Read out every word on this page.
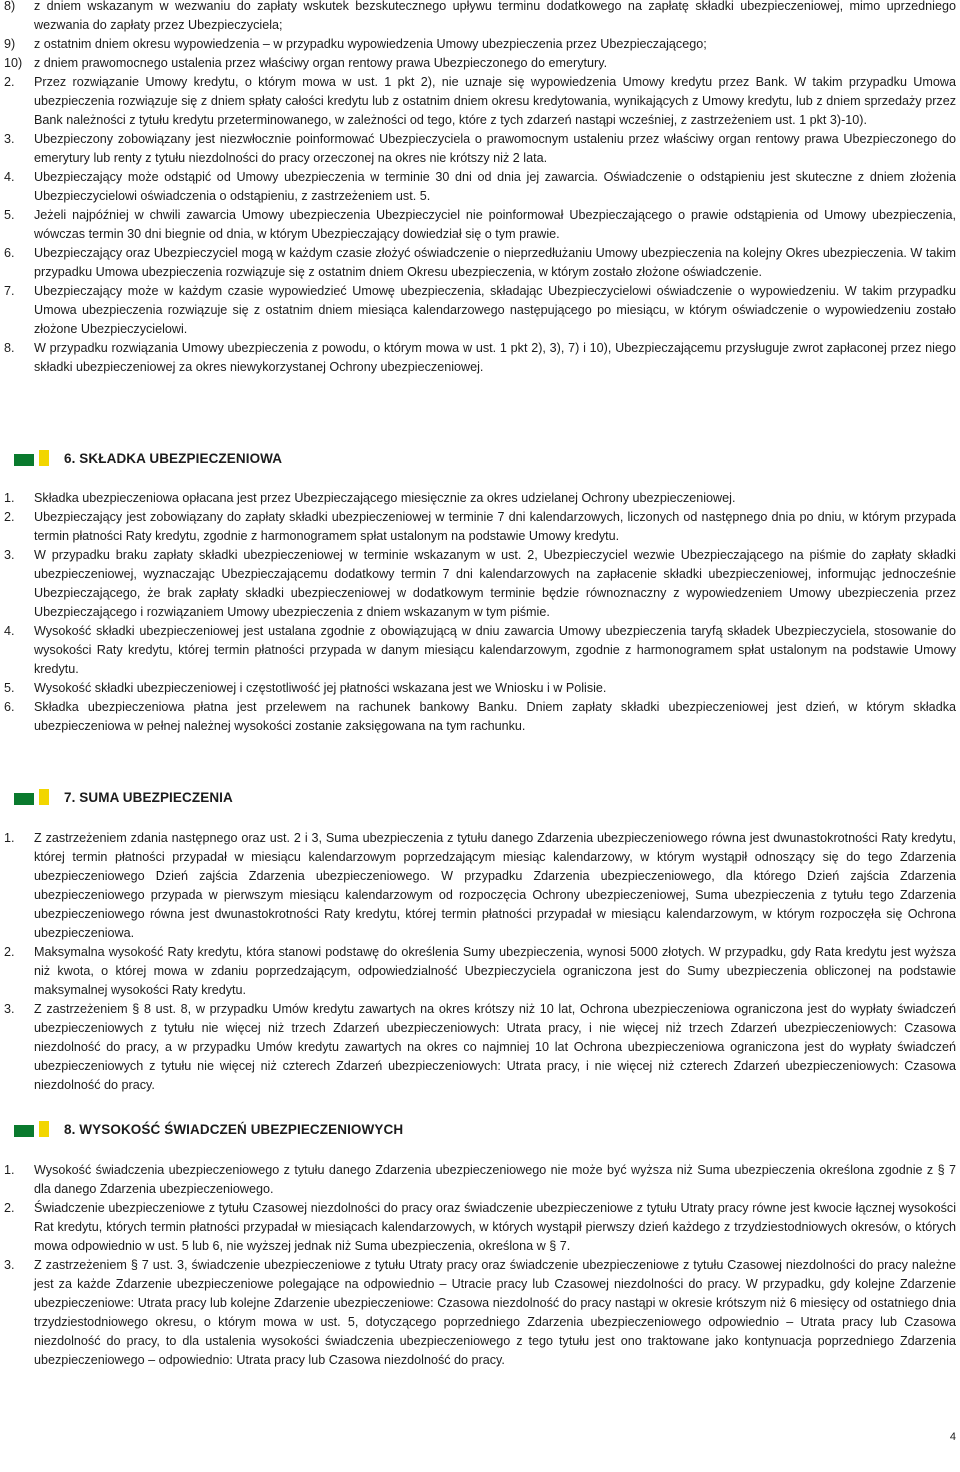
8) z dniem wskazanym w wezwaniu do zapłaty wskutek bezskutecznego upływu terminu dodatkowego na zapłatę składki ubezpieczeniowej, mimo uprzedniego wezwania do zapłaty przez Ubezpieczyciela;
9) z ostatnim dniem okresu wypowiedzenia – w przypadku wypowiedzenia Umowy ubezpieczenia przez Ubezpieczającego;
10) z dniem prawomocnego ustalenia przez właściwy organ rentowy prawa Ubezpieczonego do emerytury.
2. Przez rozwiązanie Umowy kredytu, o którym mowa w ust. 1 pkt 2), nie uznaje się wypowiedzenia Umowy kredytu przez Bank. W takim przypadku Umowa ubezpieczenia rozwiązuje się z dniem spłaty całości kredytu lub z ostatnim dniem okresu kredytowania, wynikających z Umowy kredytu, lub z dniem sprzedaży przez Bank należności z tytułu kredytu przeterminowanego, w zależności od tego, które z tych zdarzeń nastąpi wcześniej, z zastrzeżeniem ust. 1 pkt 3)-10).
3. Ubezpieczony zobowiązany jest niezwłocznie poinformować Ubezpieczyciela o prawomocnym ustaleniu przez właściwy organ rentowy prawa Ubezpieczonego do emerytury lub renty z tytułu niezdolności do pracy orzeczonej na okres nie krótszy niż 2 lata.
4. Ubezpieczający może odstąpić od Umowy ubezpieczenia w terminie 30 dni od dnia jej zawarcia. Oświadczenie o odstąpieniu jest skuteczne z dniem złożenia Ubezpieczycielowi oświadczenia o odstąpieniu, z zastrzeżeniem ust. 5.
5. Jeżeli najpóźniej w chwili zawarcia Umowy ubezpieczenia Ubezpieczyciel nie poinformował Ubezpieczającego o prawie odstąpienia od Umowy ubezpieczenia, wówczas termin 30 dni biegnie od dnia, w którym Ubezpieczający dowiedział się o tym prawie.
6. Ubezpieczający oraz Ubezpieczyciel mogą w każdym czasie złożyć oświadczenie o nieprzedłużaniu Umowy ubezpieczenia na kolejny Okres ubezpieczenia. W takim przypadku Umowa ubezpieczenia rozwiązuje się z ostatnim dniem Okresu ubezpieczenia, w którym zostało złożone oświadczenie.
7. Ubezpieczający może w każdym czasie wypowiedzieć Umowę ubezpieczenia, składając Ubezpieczycielowi oświadczenie o wypowiedzeniu. W takim przypadku Umowa ubezpieczenia rozwiązuje się z ostatnim dniem miesiąca kalendarzowego następującego po miesiącu, w którym oświadczenie o wypowiedzeniu zostało złożone Ubezpieczycielowi.
8. W przypadku rozwiązania Umowy ubezpieczenia z powodu, o którym mowa w ust. 1 pkt 2), 3), 7) i 10), Ubezpieczającemu przysługuje zwrot zapłaconej przez niego składki ubezpieczeniowej za okres niewykorzystanej Ochrony ubezpieczeniowej.
6. SKŁADKA UBEZPIECZENIOWA
1. Składka ubezpieczeniowa opłacana jest przez Ubezpieczającego miesięcznie za okres udzielanej Ochrony ubezpieczeniowej.
2. Ubezpieczający jest zobowiązany do zapłaty składki ubezpieczeniowej w terminie 7 dni kalendarzowych, liczonych od następnego dnia po dniu, w którym przypada termin płatności Raty kredytu, zgodnie z harmonogramem spłat ustalonym na podstawie Umowy kredytu.
3. W przypadku braku zapłaty składki ubezpieczeniowej w terminie wskazanym w ust. 2, Ubezpieczyciel wezwie Ubezpieczającego na piśmie do zapłaty składki ubezpieczeniowej, wyznaczając Ubezpieczającemu dodatkowy termin 7 dni kalendarzowych na zapłacenie składki ubezpieczeniowej, informując jednocześnie Ubezpieczającego, że brak zapłaty składki ubezpieczeniowej w dodatkowym terminie będzie równoznaczny z wypowiedzeniem Umowy ubezpieczenia przez Ubezpieczającego i rozwiązaniem Umowy ubezpieczenia z dniem wskazanym w tym piśmie.
4. Wysokość składki ubezpieczeniowej jest ustalana zgodnie z obowiązującą w dniu zawarcia Umowy ubezpieczenia taryfą składek Ubezpieczyciela, stosowanie do wysokości Raty kredytu, której termin płatności przypada w danym miesiącu kalendarzowym, zgodnie z harmonogramem spłat ustalonym na podstawie Umowy kredytu.
5. Wysokość składki ubezpieczeniowej i częstotliwość jej płatności wskazana jest we Wniosku i w Polisie.
6. Składka ubezpieczeniowa płatna jest przelewem na rachunek bankowy Banku. Dniem zapłaty składki ubezpieczeniowej jest dzień, w którym składka ubezpieczeniowa w pełnej należnej wysokości zostanie zaksięgowana na tym rachunku.
7. SUMA UBEZPIECZENIA
1. Z zastrzeżeniem zdania następnego oraz ust. 2 i 3, Suma ubezpieczenia z tytułu danego Zdarzenia ubezpieczeniowego równa jest dwunastokrotności Raty kredytu, której termin płatności przypadał w miesiącu kalendarzowym poprzedzającym miesiąc kalendarzowy, w którym wystąpił odnoszący się do tego Zdarzenia ubezpieczeniowego Dzień zajścia Zdarzenia ubezpieczeniowego. W przypadku Zdarzenia ubezpieczeniowego, dla którego Dzień zajścia Zdarzenia ubezpieczeniowego przypada w pierwszym miesiącu kalendarzowym od rozpoczęcia Ochrony ubezpieczeniowej, Suma ubezpieczenia z tytułu tego Zdarzenia ubezpieczeniowego równa jest dwunastokrotności Raty kredytu, której termin płatności przypadał w miesiącu kalendarzowym, w którym rozpoczęła się Ochrona ubezpieczeniowa.
2. Maksymalna wysokość Raty kredytu, która stanowi podstawę do określenia Sumy ubezpieczenia, wynosi 5000 złotych. W przypadku, gdy Rata kredytu jest wyższa niż kwota, o której mowa w zdaniu poprzedzającym, odpowiedzialność Ubezpieczyciela ograniczona jest do Sumy ubezpieczenia obliczonej na podstawie maksymalnej wysokości Raty kredytu.
3. Z zastrzeżeniem § 8 ust. 8, w przypadku Umów kredytu zawartych na okres krótszy niż 10 lat, Ochrona ubezpieczeniowa ograniczona jest do wypłaty świadczeń ubezpieczeniowych z tytułu nie więcej niż trzech Zdarzeń ubezpieczeniowych: Utrata pracy, i nie więcej niż trzech Zdarzeń ubezpieczeniowych: Czasowa niezdolność do pracy, a w przypadku Umów kredytu zawartych na okres co najmniej 10 lat Ochrona ubezpieczeniowa ograniczona jest do wypłaty świadczeń ubezpieczeniowych z tytułu nie więcej niż czterech Zdarzeń ubezpieczeniowych: Utrata pracy, i nie więcej niż czterech Zdarzeń ubezpieczeniowych: Czasowa niezdolność do pracy.
8. WYSOKOŚĆ ŚWIADCZEŃ UBEZPIECZENIOWYCH
1. Wysokość świadczenia ubezpieczeniowego z tytułu danego Zdarzenia ubezpieczeniowego nie może być wyższa niż Suma ubezpieczenia określona zgodnie z § 7 dla danego Zdarzenia ubezpieczeniowego.
2. Świadczenie ubezpieczeniowe z tytułu Czasowej niezdolności do pracy oraz świadczenie ubezpieczeniowe z tytułu Utraty pracy równe jest kwocie łącznej wysokości Rat kredytu, których termin płatności przypadał w miesiącach kalendarzowych, w których wystąpił pierwszy dzień każdego z trzydziestodniowych okresów, o których mowa odpowiednio w ust. 5 lub 6, nie wyższej jednak niż Suma ubezpieczenia, określona w § 7.
3. Z zastrzeżeniem § 7 ust. 3, świadczenie ubezpieczeniowe z tytułu Utraty pracy oraz świadczenie ubezpieczeniowe z tytułu Czasowej niezdolności do pracy należne jest za każde Zdarzenie ubezpieczeniowe polegające na odpowiednio – Utracie pracy lub Czasowej niezdolności do pracy. W przypadku, gdy kolejne Zdarzenie ubezpieczeniowe: Utrata pracy lub kolejne Zdarzenie ubezpieczeniowe: Czasowa niezdolność do pracy nastąpi w okresie krótszym niż 6 miesięcy od ostatniego dnia trzydziestodniowego okresu, o którym mowa w ust. 5, dotyczącego poprzedniego Zdarzenia ubezpieczeniowego odpowiednio – Utrata pracy lub Czasowa niezdolność do pracy, to dla ustalenia wysokości świadczenia ubezpieczeniowego z tego tytułu jest ono traktowane jako kontynuacja poprzedniego Zdarzenia ubezpieczeniowego – odpowiednio: Utrata pracy lub Czasowa niezdolność do pracy.
4
